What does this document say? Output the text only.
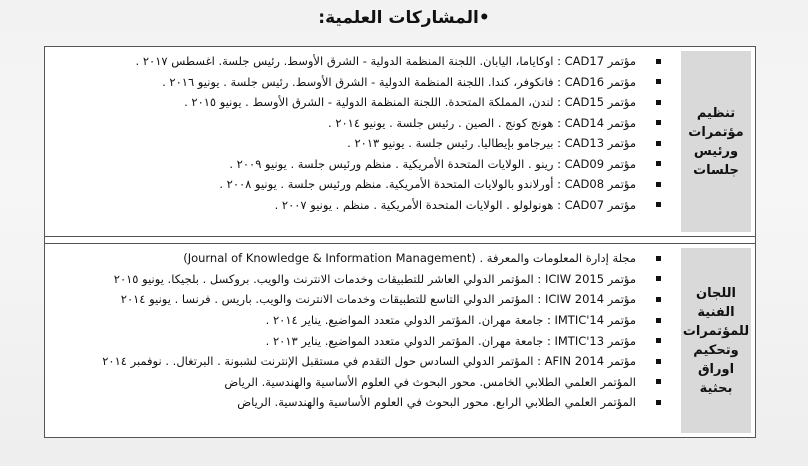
•المشاركات العلمية:
تنظيم مؤتمرات ورئيس جلسات
مؤتمر CAD17 : اوكاياما، اليابان. اللجنة المنظمة الدولية - الشرق الأوسط. رئيس جلسة. اغسطس ٢٠١٧ .
مؤتمر CAD16 : فانكوفر، كندا. اللجنة المنظمة الدولية - الشرق الأوسط. رئيس جلسة . يونيو ٢٠١٦ .
مؤتمر CAD15 : لندن، المملكة المتحدة. اللجنة المنظمة الدولية - الشرق الأوسط . يونيو ٢٠١٥ .
مؤتمر CAD14 : هونج كونج . الصين . رئيس جلسة . يونيو ٢٠١٤ .
مؤتمر CAD13 : بيرجامو بإيطاليا. رئيس جلسة . يونيو ٢٠١٣ .
مؤتمر CAD09 : رينو . الولايات المتحدة الأمريكية . منظم ورئيس جلسة . يونيو ٢٠٠٩ .
مؤتمر CAD08 : أورلاندو بالولايات المتحدة الأمريكية. منظم ورئيس جلسة . يونيو ٢٠٠٨ .
مؤتمر CAD07 : هونولولو . الولايات المتحدة الأمريكية . منظم . يونيو ٢٠٠٧ .
اللجان الفنية للمؤتمرات وتحكيم اوراق بحثية
مجلة إدارة المعلومات والمعرفة . (Journal of Knowledge & Information Management)
مؤتمر ICIW 2015 : المؤتمر الدولي العاشر للتطبيقات وخدمات الانترنت والويب. بروكسل . بلجيكا. يونيو ٢٠١٥
مؤتمر ICIW 2014 : المؤتمر الدولي التاسع للتطبيقات وخدمات الانترنت والويب. باريس . فرنسا . يونيو ٢٠١٤
مؤتمر IMTIC'14 : جامعة مهران. المؤتمر الدولي متعدد المواضيع. يناير ٢٠١٤ .
مؤتمر IMTIC'13 : جامعة مهران. المؤتمر الدولي متعدد المواضيع. يناير ٢٠١٣ .
مؤتمر AFIN 2014 : المؤتمر الدولي السادس حول التقدم في مستقبل الإنترنت لشبونة . البرتغال. . نوفمبر ٢٠١٤
المؤتمر العلمي الطلابي الخامس. محور البحوث في العلوم الأساسية والهندسية. الرياض
المؤتمر العلمي الطلابي الرابع. محور البحوث في العلوم الأساسية والهندسية. الرياض
